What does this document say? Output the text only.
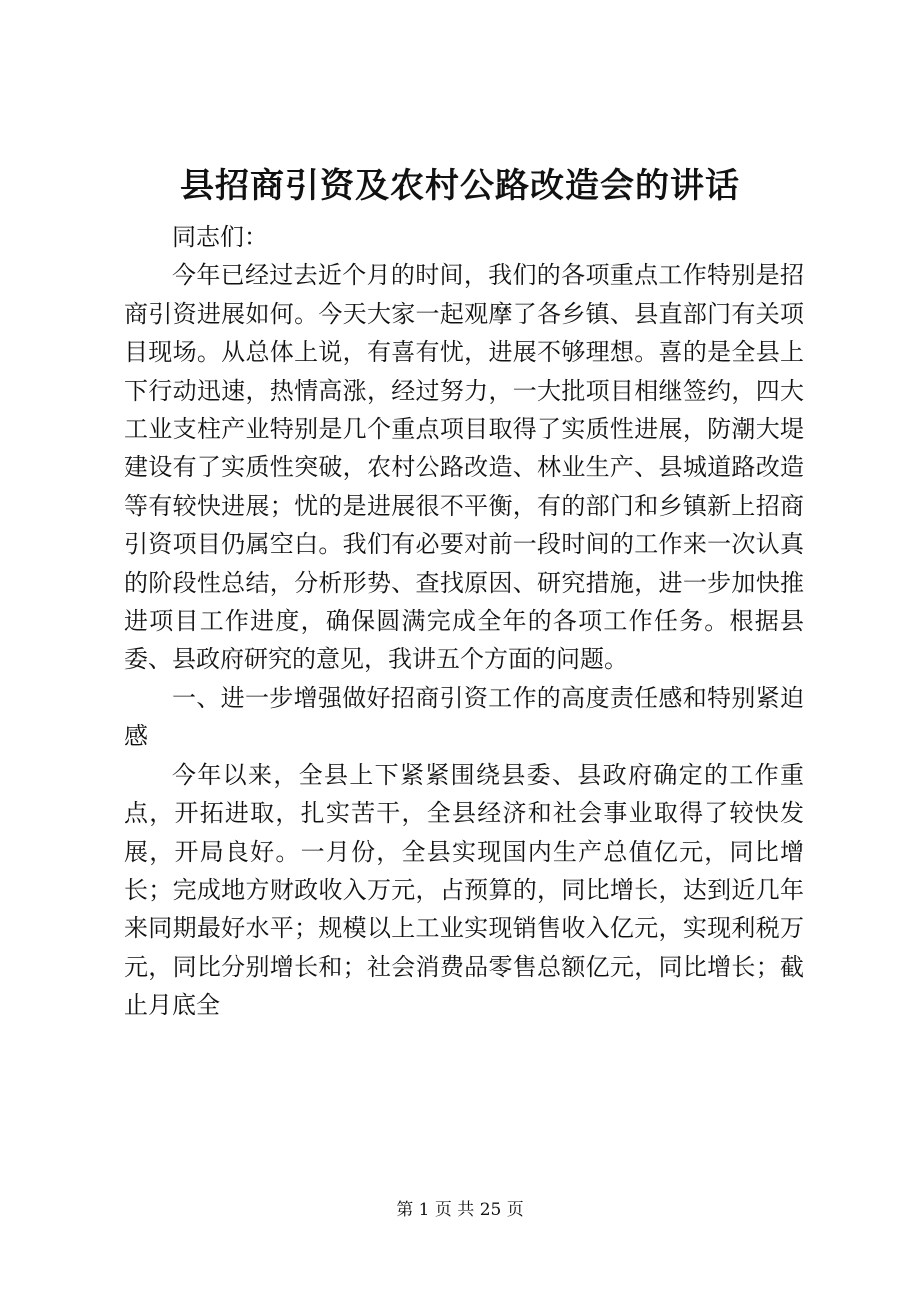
县招商引资及农村公路改造会的讲话

同志们：

今年已经过去近个月的时间，我们的各项重点工作特别是招商引资进展如何。今天大家一起观摩了各乡镇、县直部门有关项目现场。从总体上说，有喜有忧，进展不够理想。喜的是全县上下行动迅速，热情高涨，经过努力，一大批项目相继签约，四大工业支柱产业特别是几个重点项目取得了实质性进展，防潮大堤建设有了实质性突破，农村公路改造、林业生产、县城道路改造等有较快进展；忧的是进展很不平衡，有的部门和乡镇新上招商引资项目仍属空白。我们有必要对前一段时间的工作来一次认真的阶段性总结，分析形势、查找原因、研究措施，进一步加快推进项目工作进度，确保圆满完成全年的各项工作任务。根据县委、县政府研究的意见，我讲五个方面的问题。

一、进一步增强做好招商引资工作的高度责任感和特别紧迫感

今年以来，全县上下紧紧围绕县委、县政府确定的工作重点，开拓进取，扎实苦干，全县经济和社会事业取得了较快发展，开局良好。一月份，全县实现国内生产总值亿元，同比增长；完成地方财政收入万元，占预算的，同比增长，达到近几年来同期最好水平；规模以上工业实现销售收入亿元，实现利税万元，同比分别增长和；社会消费品零售总额亿元，同比增长；截止月底全

第 1 页 共 25 页
